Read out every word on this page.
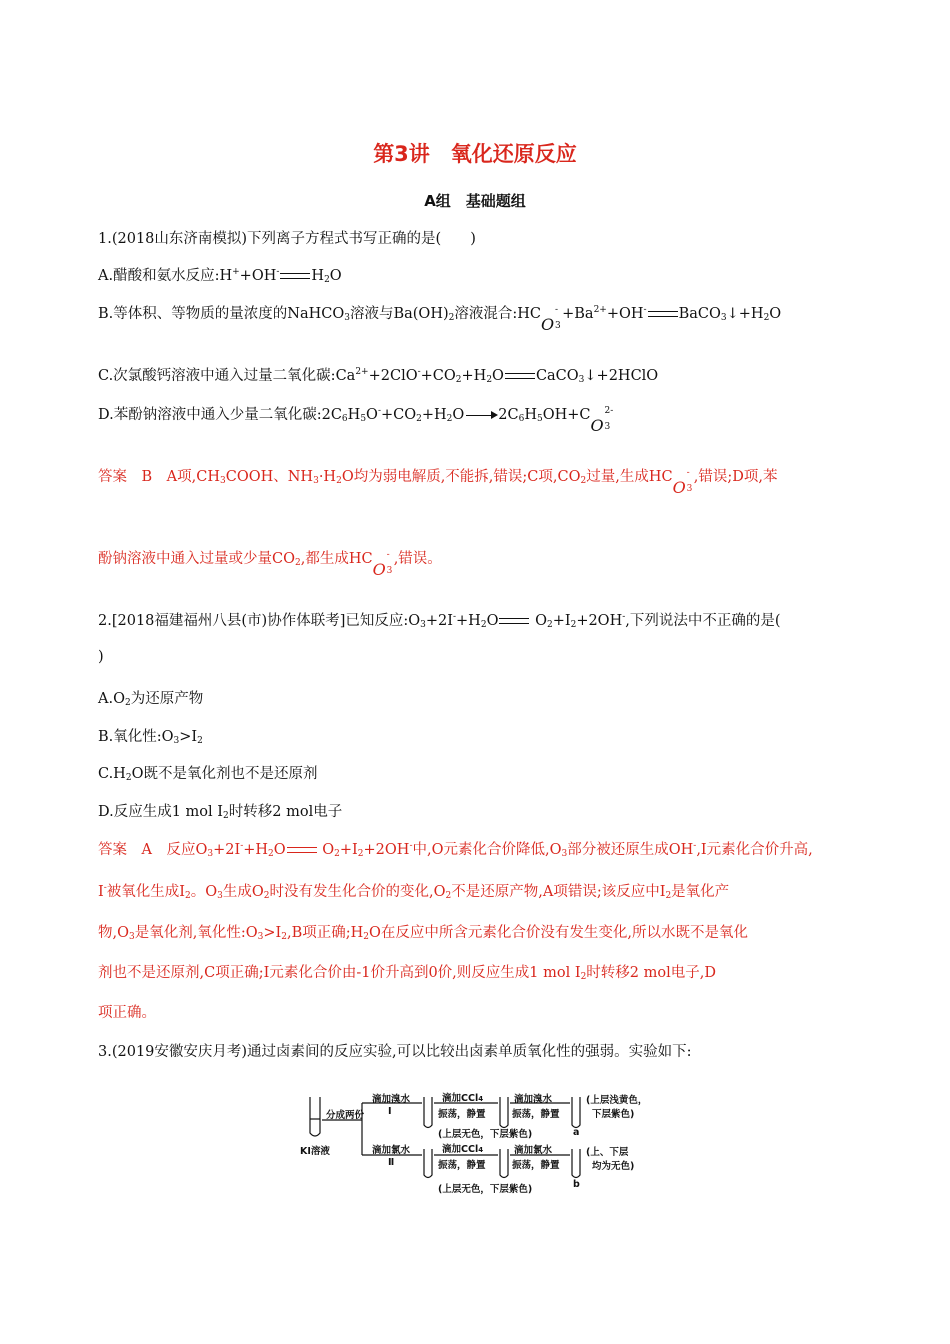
第3讲　氧化还原反应
A组　基础题组
1.(2018山东济南模拟)下列离子方程式书写正确的是(　　)
A.醋酸和氨水反应:H++OH- $H_2O$
B.等体积、等物质的量浓度的NaHCO$_3$溶液与$Ba(OH)_2$溶液混合:HCO 3
- $+Ba^{2+}+OH^-$ $BaCO_3↓+H_2O$
C.次氯酸钙溶液中通入过量二氧化碳$:Ca^{2+}+2ClO^-+CO_2+H_2O$ CaCO$_3$↓+2HClO
D.苯酚钠溶液中通入少量二氧化碳$:2C_6H_5O^-+CO_2+H_2O$ $2C_6H_5OH+CO$ 3
2-
答案　B　A项$,CH_3COOH$、$NH_3\cdot H_2O$均为弱电解质,不能拆,错误;C项$,CO_2$过量,生成HCO 3
- ,错误;D项,苯
酚钠溶液中通入过量或少量$CO_2$,都生成HCO 3
- ,错误。
2.[2018福建福州八县(市)协作体联考]已知反应$:O_3+2I^-+H_2O$	$O_2+I_2+2OH^-$,下列说法中不正确的是(
)
$A.O_2$为还原产物
B.氧化性$:O_3>I_2$
$C.H_2O$既不是氧化剂也不是还原剂
D.反应生成1 mol $I_2$时转移2 mol电子
答案　A　反应$O_3+2I^-+H_2O$	$O_2+I_2+2OH^-$中,O元素化合价降低$,O_3$部分被还原生成OH-,I元素化合价升高,
I-被氧化生成$I_2$。$O_3$生成$O_2$时没有发生化合价的变化$,O_2$不是还原产物,A项错误;该反应中$I_2$是氧化产
物$,O_3$是氧化剂,氧化性$:O_3>I_2,B$项正确$;H_2O$在反应中所含元素化合价没有发生变化,所以水既不是氧化
剂也不是还原剂,C项正确;I元素化合价由-1价升高到0价,则反应生成1 mol $I_2$时转移2 mol电子,D
项正确。
3.(2019安徽安庆月考)通过卤素间的反应实验,可以比较出卤素单质氧化性的强弱。实验如下:
KI溶液
分成两份
滴加溴水
Ⅰ
滴加CCl4
振荡，静置
滴加溴水
振荡，静置
(上层无色，下层紫色)
(上层浅黄色，
下层紫色)
a
滴加氯水
Ⅱ
滴加CCl4
振荡，静置
滴加氯水
振荡，静置
(上、下层
均为无色)
(上层无色，下层紫色)	b
